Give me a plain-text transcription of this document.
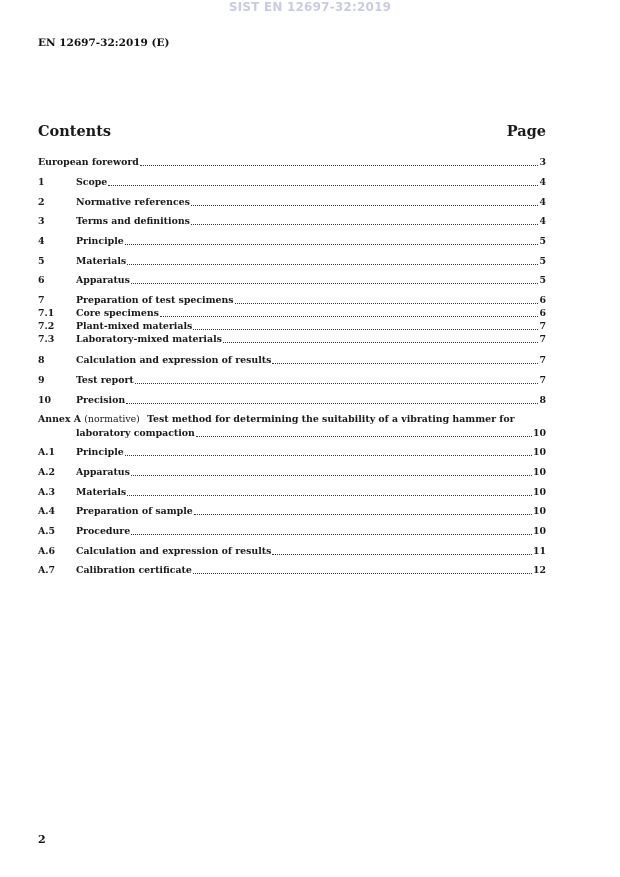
SIST EN 12697-32:2019
EN 12697-32:2019 (E)
Contents	Page
European foreword	3
1	Scope	4
2	Normative references	4
3	Terms and definitions	4
4	Principle	5
5	Materials	5
6	Apparatus	5
7	Preparation of test specimens	6
7.1	Core specimens	6
7.2	Plant-mixed materials	7
7.3	Laboratory-mixed materials	7
8	Calculation and expression of results	7
9	Test report	7
10	Precision	8
Annex A (normative) Test method for determining the suitability of a vibrating hammer for
laboratory compaction	10
A.1	Principle	10
A.2	Apparatus	10
A.3	Materials	10
A.4	Preparation of sample	10
A.5	Procedure	10
A.6	Calculation and expression of results	11
A.7	Calibration certificate	12
2
